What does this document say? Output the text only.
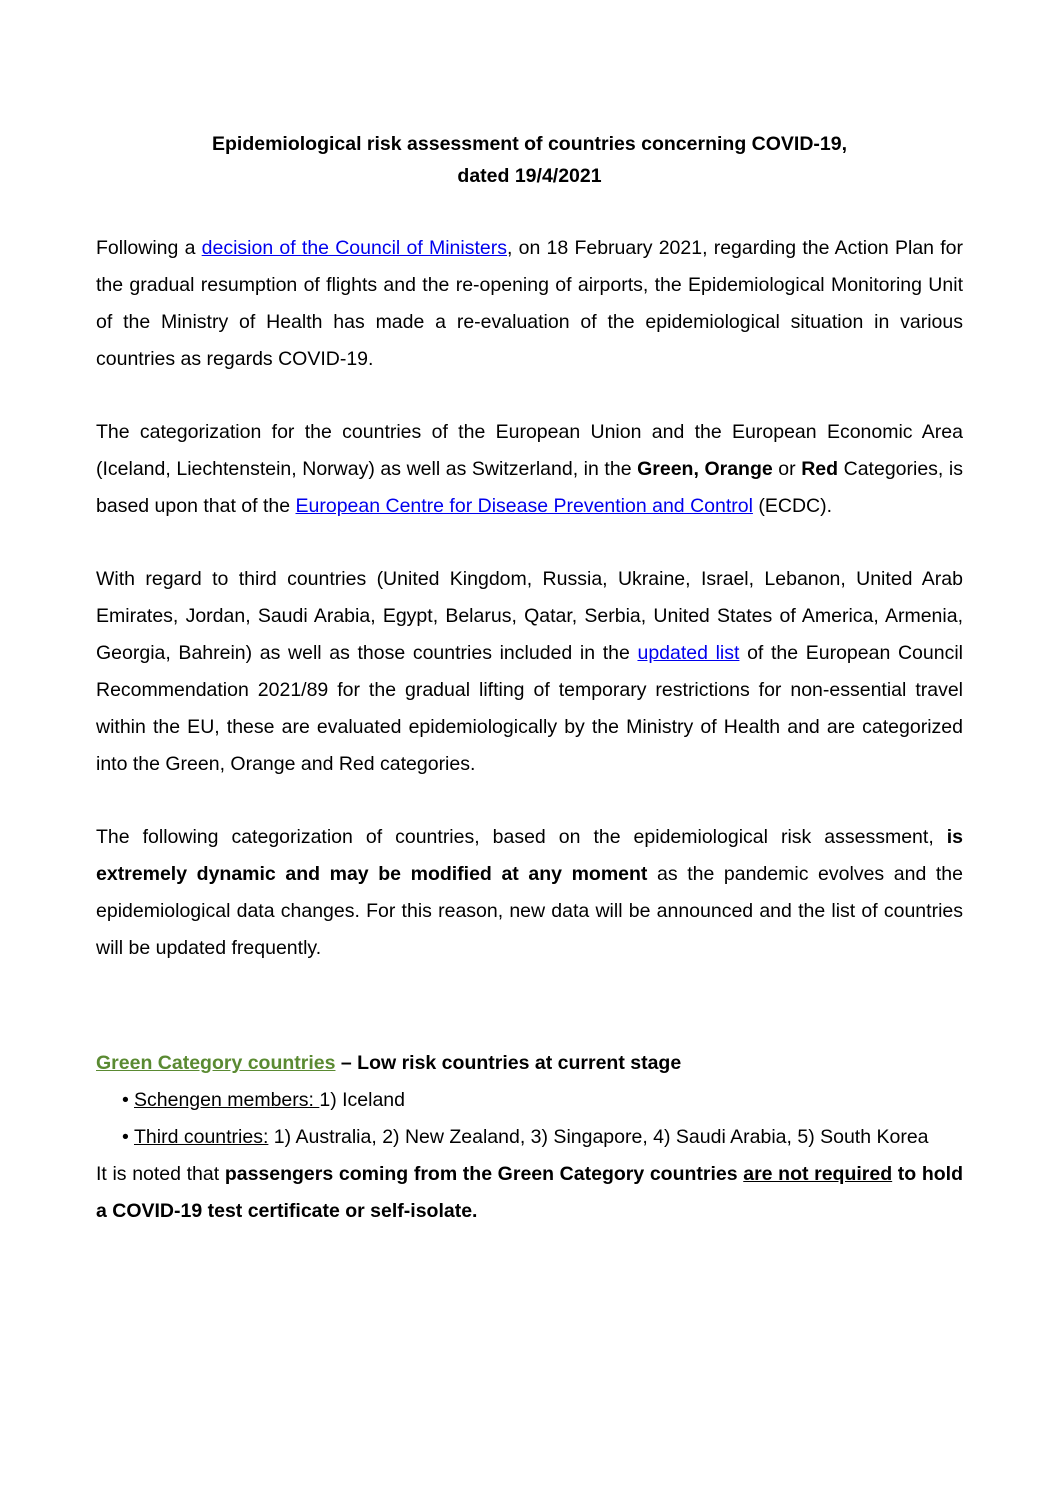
Epidemiological risk assessment of countries concerning COVID-19,
dated 19/4/2021

Following a decision of the Council of Ministers, on 18 February 2021, regarding the Action Plan for the gradual resumption of flights and the re-opening of airports, the Epidemiological Monitoring Unit of the Ministry of Health has made a re-evaluation of the epidemiological situation in various countries as regards COVID-19.

The categorization for the countries of the European Union and the European Economic Area (Iceland, Liechtenstein, Norway) as well as Switzerland, in the Green, Orange or Red Categories, is based upon that of the European Centre for Disease Prevention and Control (ECDC).

With regard to third countries (United Kingdom, Russia, Ukraine, Israel, Lebanon, United Arab Emirates, Jordan, Saudi Arabia, Egypt, Belarus, Qatar, Serbia, United States of America, Armenia, Georgia, Bahrein) as well as those countries included in the updated list of the European Council Recommendation 2021/89 for the gradual lifting of temporary restrictions for non-essential travel within the EU, these are evaluated epidemiologically by the Ministry of Health and are categorized into the Green, Orange and Red categories.

The following categorization of countries, based on the epidemiological risk assessment, is extremely dynamic and may be modified at any moment as the pandemic evolves and the epidemiological data changes. For this reason, new data will be announced and the list of countries will be updated frequently.

Green Category countries – Low risk countries at current stage
• Schengen members: 1) Iceland
• Third countries: 1) Australia, 2) New Zealand, 3) Singapore, 4) Saudi Arabia, 5) South Korea

It is noted that passengers coming from the Green Category countries are not required to hold a COVID-19 test certificate or self-isolate.
